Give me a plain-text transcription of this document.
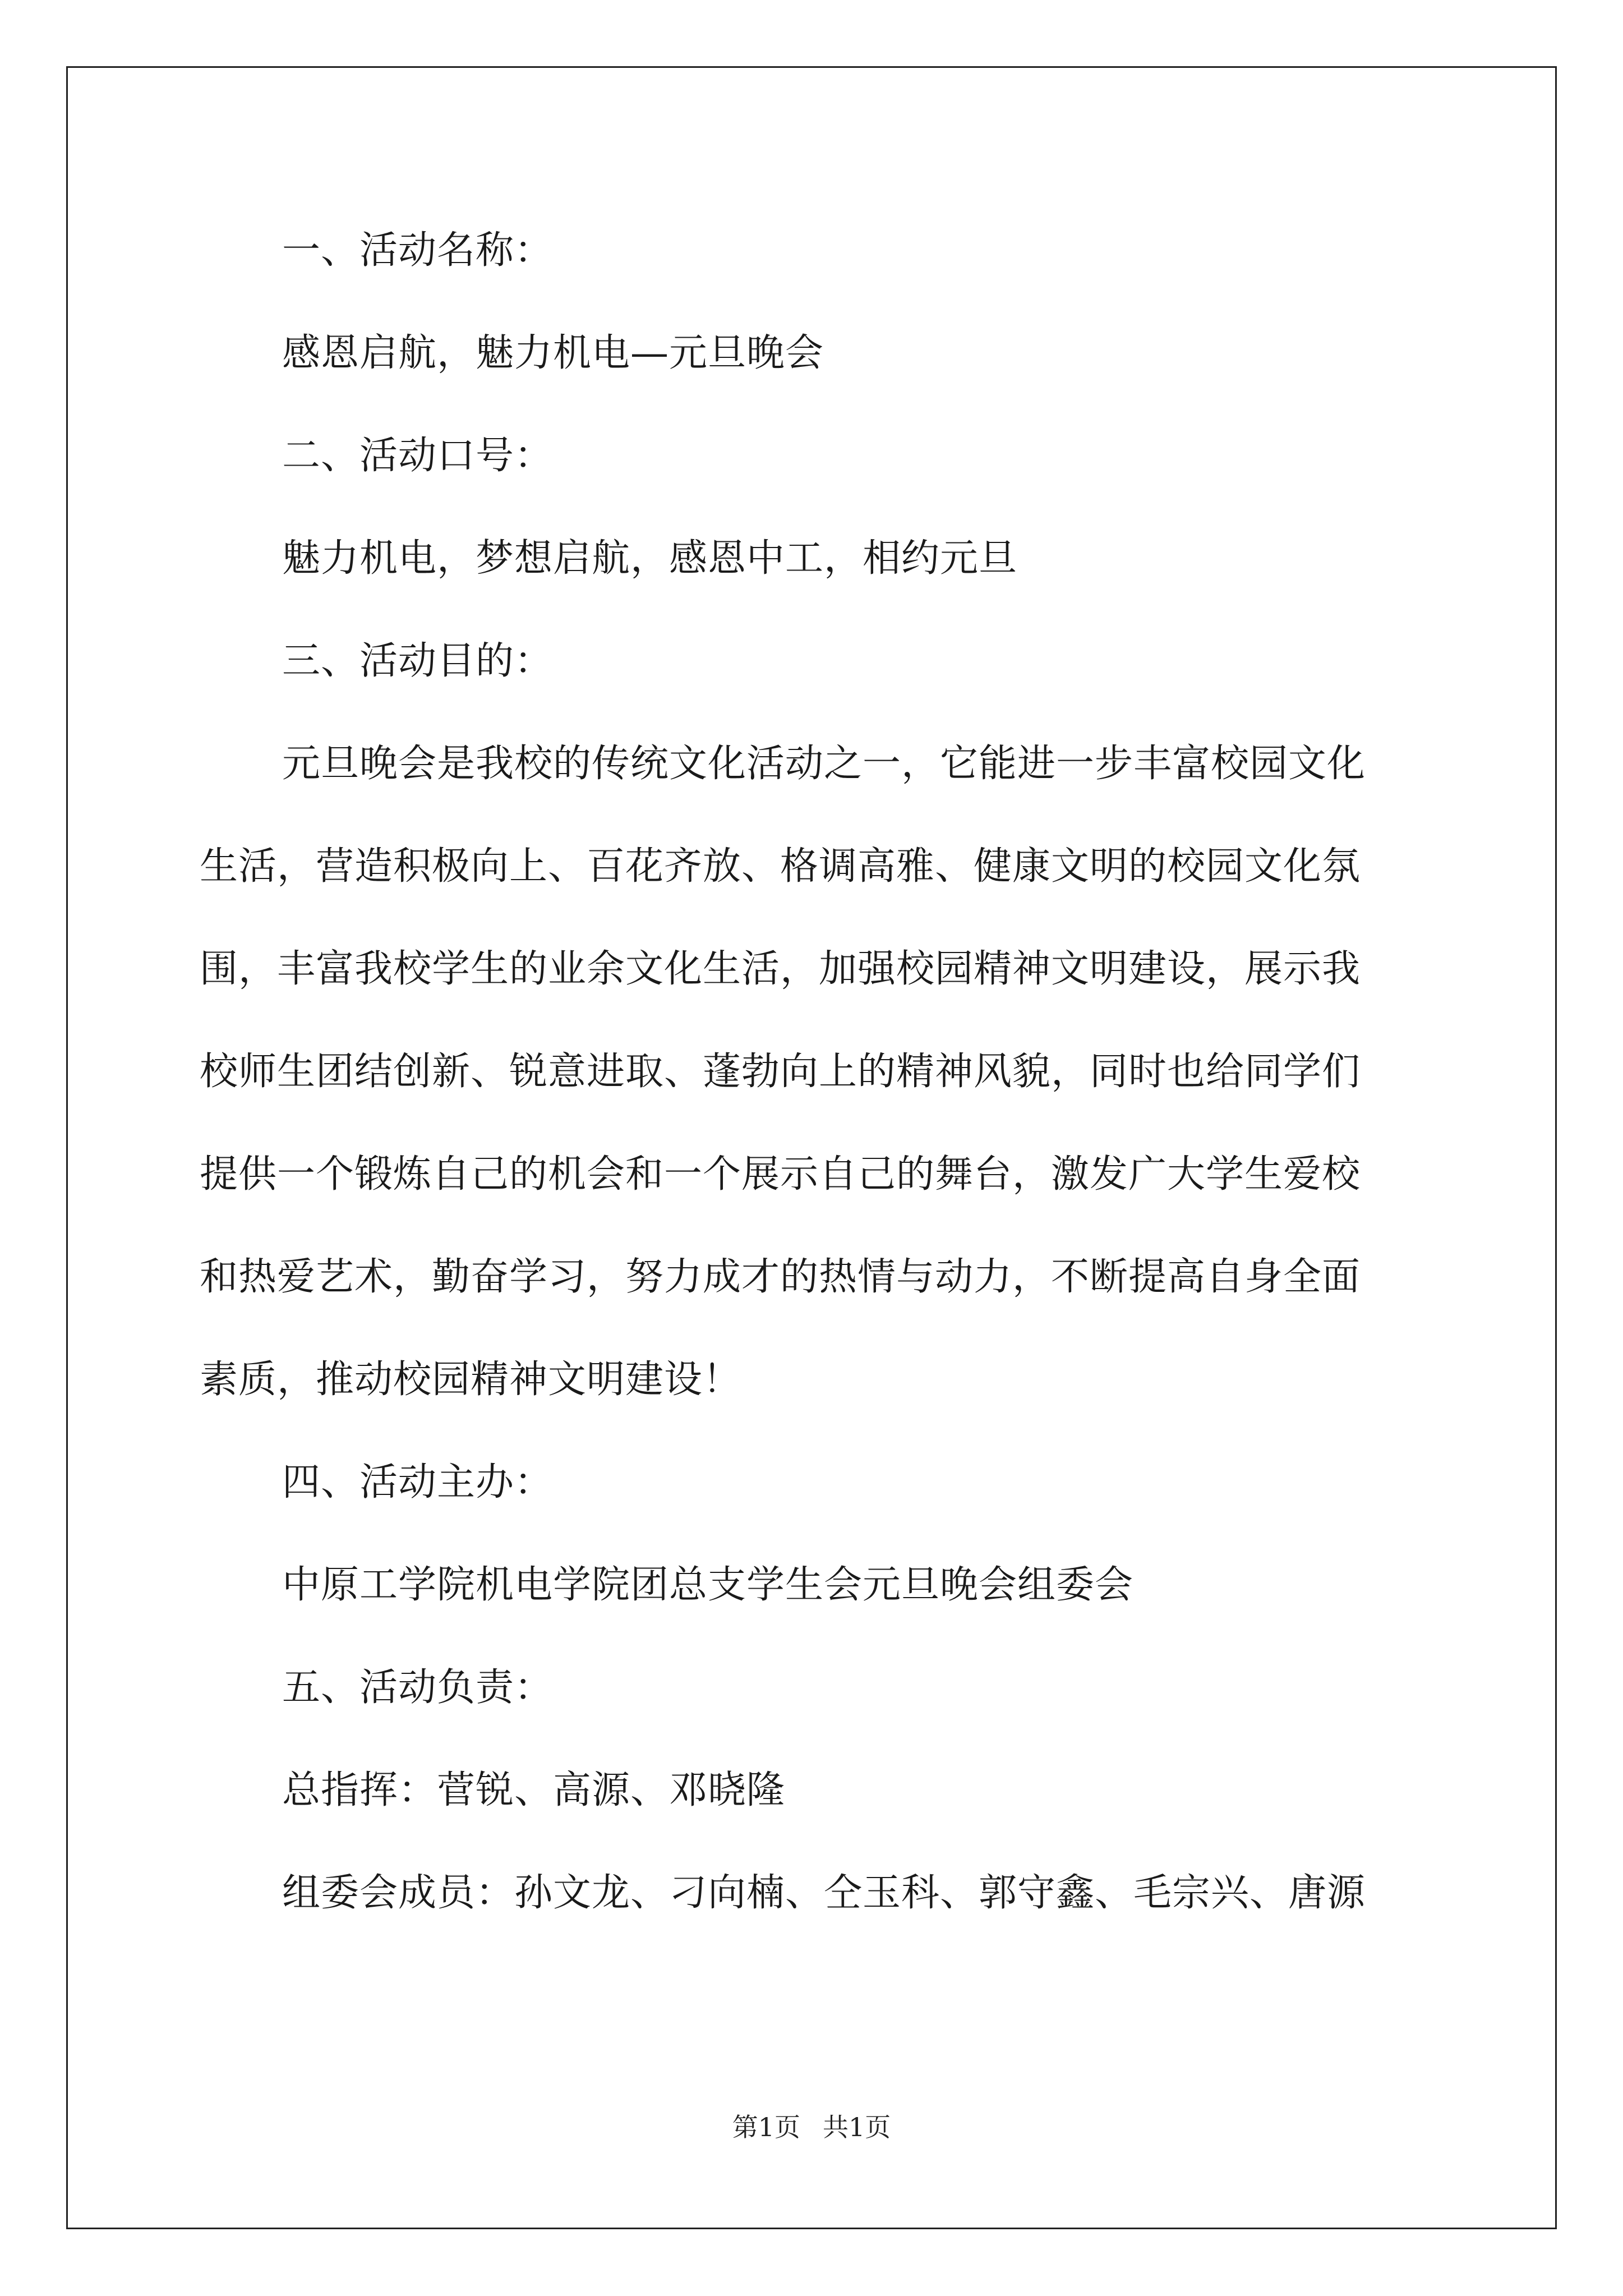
一、活动名称：
感恩启航，魅力机电—元旦晚会
二、活动口号：
魅力机电，梦想启航，感恩中工，相约元旦
三、活动目的：
元旦晚会是我校的传统文化活动之一，它能进一步丰富校园文化
生活，营造积极向上、百花齐放、格调高雅、健康文明的校园文化氛
围，丰富我校学生的业余文化生活，加强校园精神文明建设，展示我
校师生团结创新、锐意进取、蓬勃向上的精神风貌，同时也给同学们
提供一个锻炼自己的机会和一个展示自己的舞台，激发广大学生爱校
和热爱艺术，勤奋学习，努力成才的热情与动力，不断提高自身全面
素质，推动校园精神文明建设！
四、活动主办：
中原工学院机电学院团总支学生会元旦晚会组委会
五、活动负责：
总指挥：菅锐、高源、邓晓隆
组委会成员：孙文龙、刁向楠、仝玉科、郭守鑫、毛宗兴、唐源
第1页 共1页
